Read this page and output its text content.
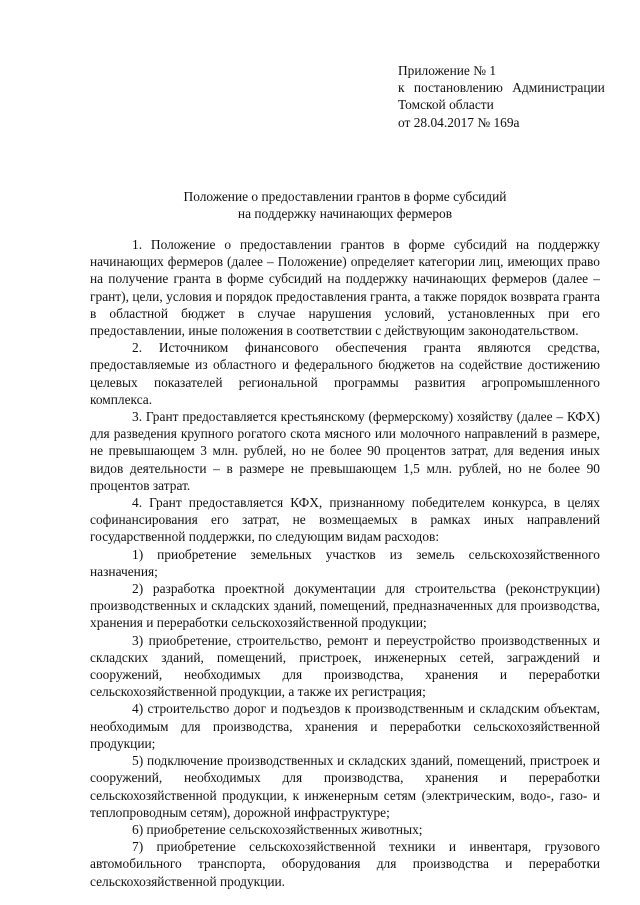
Приложение № 1
к постановлению Администрации
Томской области
от 28.04.2017 № 169а
Положение о предоставлении грантов в форме субсидий
на поддержку начинающих фермеров

1. Положение о предоставлении грантов в форме субсидий на поддержку начинающих фермеров (далее – Положение) определяет категории лиц, имеющих право на получение гранта в форме субсидий на поддержку начинающих фермеров (далее – грант), цели, условия и порядок предоставления гранта, а также порядок возврата гранта в областной бюджет в случае нарушения условий, установленных при его предоставлении, иные положения в соответствии с действующим законодательством.

2. Источником финансового обеспечения гранта являются средства, предоставляемые из областного и федерального бюджетов на содействие достижению целевых показателей региональной программы развития агропромышленного комплекса.

3. Грант предоставляется крестьянскому (фермерскому) хозяйству (далее – КФХ) для разведения крупного рогатого скота мясного или молочного направлений в размере, не превышающем 3 млн. рублей, но не более 90 процентов затрат, для ведения иных видов деятельности – в размере не превышающем 1,5 млн. рублей, но не более 90 процентов затрат.

4. Грант предоставляется КФХ, признанному победителем конкурса, в целях софинансирования его затрат, не возмещаемых в рамках иных направлений государственной поддержки, по следующим видам расходов:

1) приобретение земельных участков из земель сельскохозяйственного назначения;

2) разработка проектной документации для строительства (реконструкции) производственных и складских зданий, помещений, предназначенных для производства, хранения и переработки сельскохозяйственной продукции;

3) приобретение, строительство, ремонт и переустройство производственных и складских зданий, помещений, пристроек, инженерных сетей, заграждений и сооружений, необходимых для производства, хранения и переработки сельскохозяйственной продукции, а также их регистрация;

4) строительство дорог и подъездов к производственным и складским объектам, необходимым для производства, хранения и переработки сельскохозяйственной продукции;

5) подключение производственных и складских зданий, помещений, пристроек и сооружений, необходимых для производства, хранения и переработки сельскохозяйственной продукции, к инженерным сетям (электрическим, водо-, газо- и теплопроводным сетям), дорожной инфраструктуре;

6) приобретение сельскохозяйственных животных;

7) приобретение сельскохозяйственной техники и инвентаря, грузового автомобильного транспорта, оборудования для производства и переработки сельскохозяйственной продукции.
